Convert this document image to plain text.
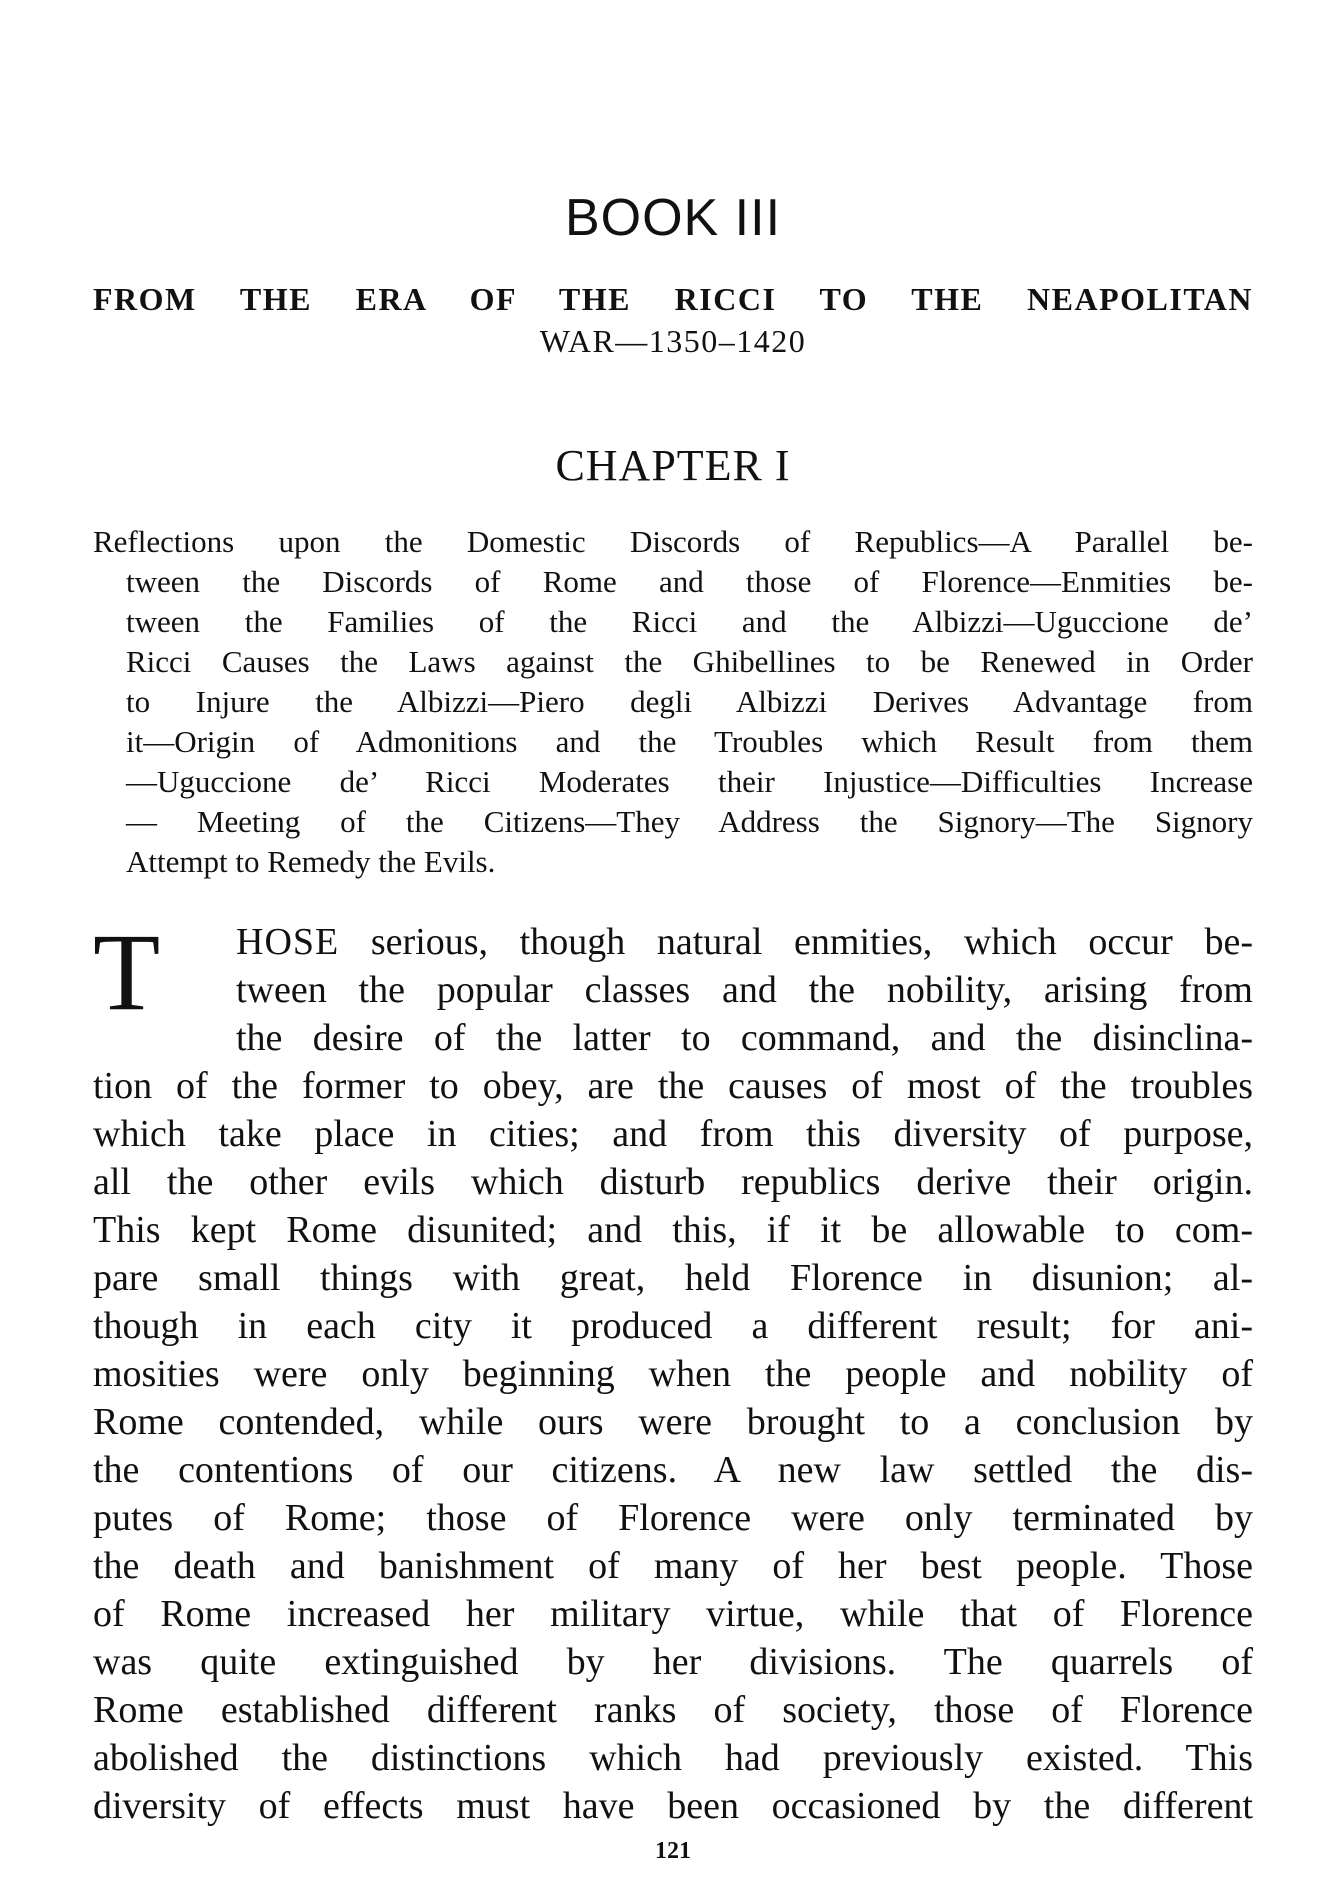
BOOK III
FROM THE ERA OF THE RICCI TO THE NEAPOLITAN
WAR—1350–1420
CHAPTER I
Reflections upon the Domestic Discords of Republics—A Parallel be-
tween the Discords of Rome and those of Florence—Enmities be-
tween the Families of the Ricci and the Albizzi—Uguccione de’
Ricci Causes the Laws against the Ghibellines to be Renewed in Order
to Injure the Albizzi—Piero degli Albizzi Derives Advantage from
it—Origin of Admonitions and the Troubles which Result from them
—Uguccione de’ Ricci Moderates their Injustice—Difficulties Increase
— Meeting of the Citizens—They Address the Signory—The Signory
Attempt to Remedy the Evils.
T	HOSE serious, though natural enmities, which occur be-
tween the popular classes and the nobility, arising from
the desire of the latter to command, and the disinclina-
tion of the former to obey, are the causes of most of the troubles
which take place in cities; and from this diversity of purpose,
all the other evils which disturb republics derive their origin.
This kept Rome disunited; and this, if it be allowable to com-
pare small things with great, held Florence in disunion; al-
though in each city it produced a different result; for ani-
mosities were only beginning when the people and nobility of
Rome contended, while ours were brought to a conclusion by
the contentions of our citizens. A new law settled the dis-
putes of Rome; those of Florence were only terminated by
the death and banishment of many of her best people. Those
of Rome increased her military virtue, while that of Florence
was quite extinguished by her divisions. The quarrels of
Rome established different ranks of society, those of Florence
abolished the distinctions which had previously existed. This
diversity of effects must have been occasioned by the different
121
